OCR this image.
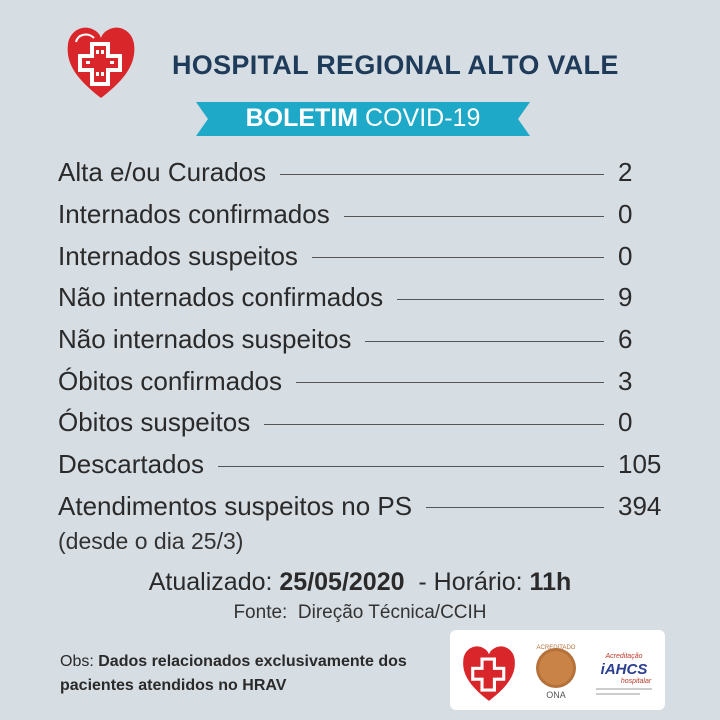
HOSPITAL REGIONAL ALTO VALE
BOLETIM COVID-19
Alta e/ou Curados	2
Internados confirmados	0
Internados suspeitos	0
Não internados confirmados	9
Não internados suspeitos	6
Óbitos confirmados	3
Óbitos suspeitos	0
Descartados	105
Atendimentos suspeitos no PS	394
(desde o dia 25/3)
Atualizado: 25/05/2020  - Horário: 11h
Fonte:  Direção Técnica/CCIH
Obs: Dados relacionados exclusivamente dos pacientes atendidos no HRAV
ACREDITADO
ONA
Acreditação
iAHCS
hospitalar
